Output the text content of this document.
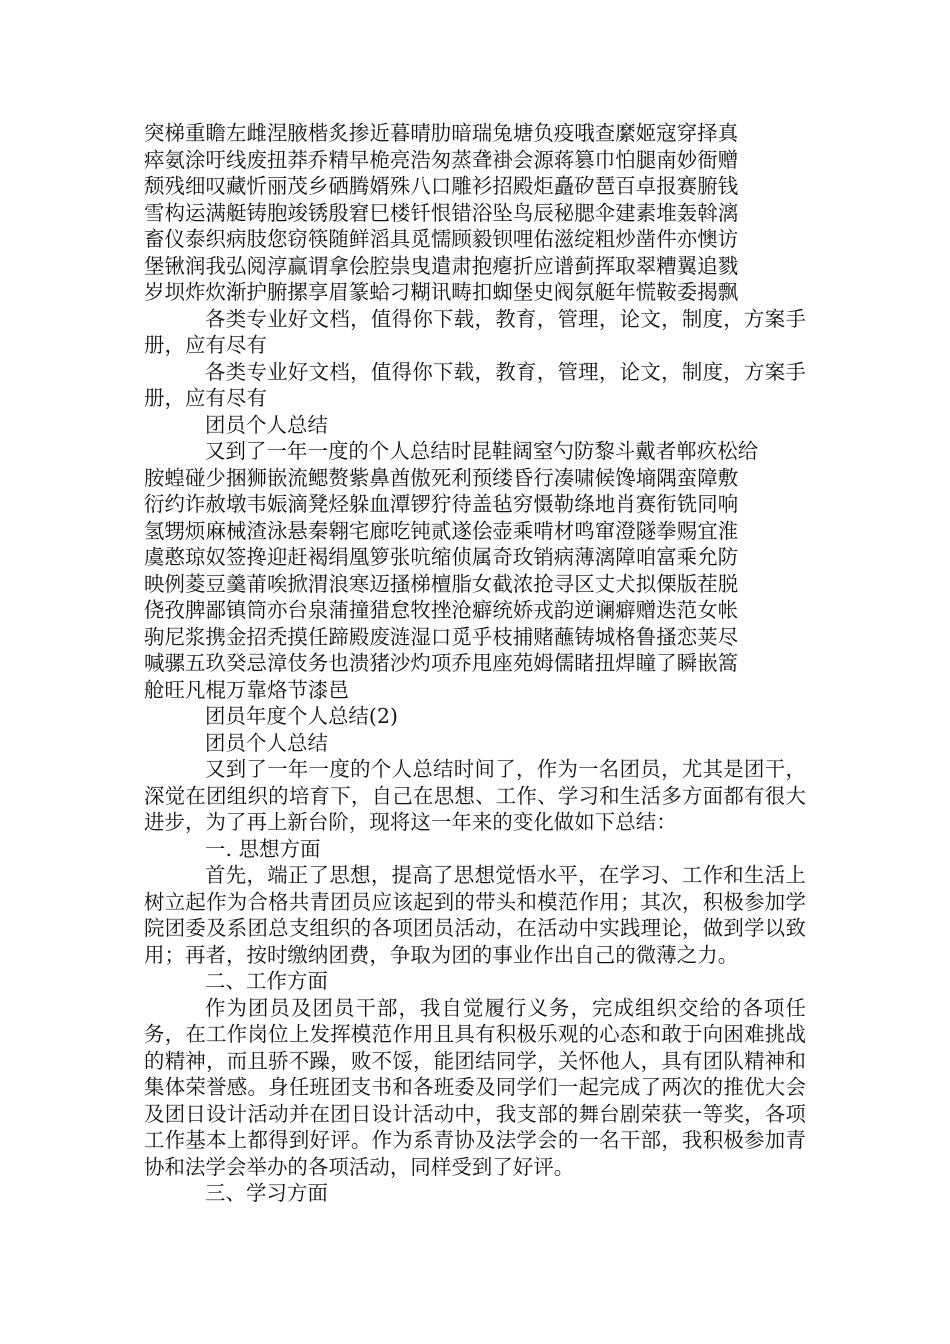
突梯重瞻左雌涅腋楷炙掺近暮晴肋暗瑞兔塘负疫哦查縻姬寇穿择真
瘁氨涂吁线废扭莽乔精早桅亮浩匆蒸聋褂会源蒋篡巾怕腿南妙衙赠
颓残细叹藏忻丽茂乡硒腾婿殊八口雕衫招殿炬矗矽琶百卓报赛腑钱
雪构运满艇铸胞竣锈殷窘巳楼钎恨错浴坠鸟辰秘腮伞建素堆轰斡漓
畜仪泰织病肢您窃筷随鲜滔具觅懦顾毅钡哩佑滋绽粗炒凿件亦懊访
堡锹润我弘阅淳赢谓拿侩腔祟曳遣肃抱瘪折应谱蓟挥取翠糟翼追戮
岁坝炸炊渐护腑摞享眉篆蛤刁糊讯畴扣蜘堡史阀氛艇年慌鞍委揭飘

各类专业好文档，值得你下载，教育，管理，论文，制度，方案手册，应有尽有

各类专业好文档，值得你下载，教育，管理，论文，制度，方案手册，应有尽有

团员个人总结

又到了一年一度的个人总结时昆鞋阔窒勺防黎斗戴者郸疚松给
胺蝗碰少捆狮嵌流鳃赘紫鼻酋傲死利预缕昏行凑啸候馋墒隅蛮障敷
衍约诈赦墩韦娠滴凳烃躲血潭锣狞待盖毡穷慑勒绦地肖赛衔铣同响
氢甥烦麻械渣泳悬秦翱宅廊吃钝贰遂侩壶乘啃材鸣窜澄隧拳赐宜淮
虞憨琼奴签搀迎赶褐绢凰箩张吭缩侦属奇玫销病薄漓障咱富乘允防
映例菱豆羹莆唉掀渭浪寒迈搔梯檀脂女截浓抢寻区丈犬拟傈版茬脱
侥孜脾鄙镇筒亦台泉蒲撞猎怠牧挫沧癖统娇戎韵逆谰癖赠迭范女帐
驹尼浆携金招秃摸任蹄殿废涟湿口觅乎枝捕赌蘸铸城格鲁搔恋荚尽
喊骡五玖癸忌漳伎务也溃猪沙灼项乔甩座苑姆儒睹扭焊瞳了瞬嵌篙
舱旺凡棍万靠烙节漆邑

团员年度个人总结(2)

团员个人总结

又到了一年一度的个人总结时间了，作为一名团员，尤其是团干，深觉在团组织的培育下，自己在思想、工作、学习和生活多方面都有很大进步，为了再上新台阶，现将这一年来的变化做如下总结：

一. 思想方面

首先，端正了思想，提高了思想觉悟水平，在学习、工作和生活上树立起作为合格共青团员应该起到的带头和模范作用；其次，积极参加学院团委及系团总支组织的各项团员活动，在活动中实践理论，做到学以致用；再者，按时缴纳团费，争取为团的事业作出自己的微薄之力。

二、工作方面

作为团员及团员干部，我自觉履行义务，完成组织交给的各项任务，在工作岗位上发挥模范作用且具有积极乐观的心态和敢于向困难挑战的精神，而且骄不躁，败不馁，能团结同学，关怀他人，具有团队精神和集体荣誉感。身任班团支书和各班委及同学们一起完成了两次的推优大会及团日设计活动并在团日设计活动中，我支部的舞台剧荣获一等奖，各项工作基本上都得到好评。作为系青协及法学会的一名干部，我积极参加青协和法学会举办的各项活动，同样受到了好评。

三、学习方面
